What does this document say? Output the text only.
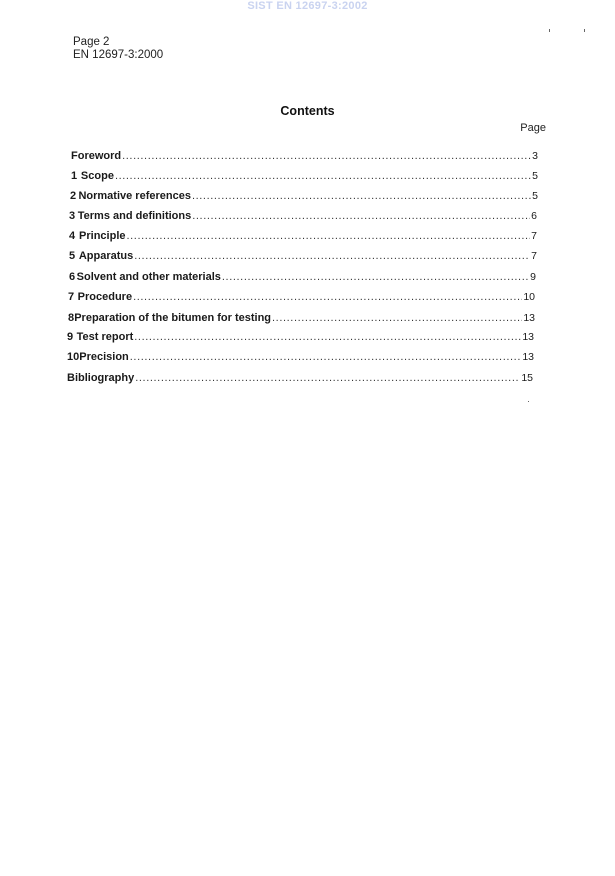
SIST EN 12697-3:2002
Page 2
EN 12697-3:2000
Contents
Page
Foreword .....	3
1 Scope .....	5
2 Normative references .....	5
3 Terms and definitions .....	6
4 Principle .....	7
5 Apparatus .....	7
6 Solvent and other materials .....	9
7 Procedure .....	10
8 Preparation of the bitumen for testing .....	13
9 Test report .....	13
10 Precision .....	13
Bibliography .....	15
